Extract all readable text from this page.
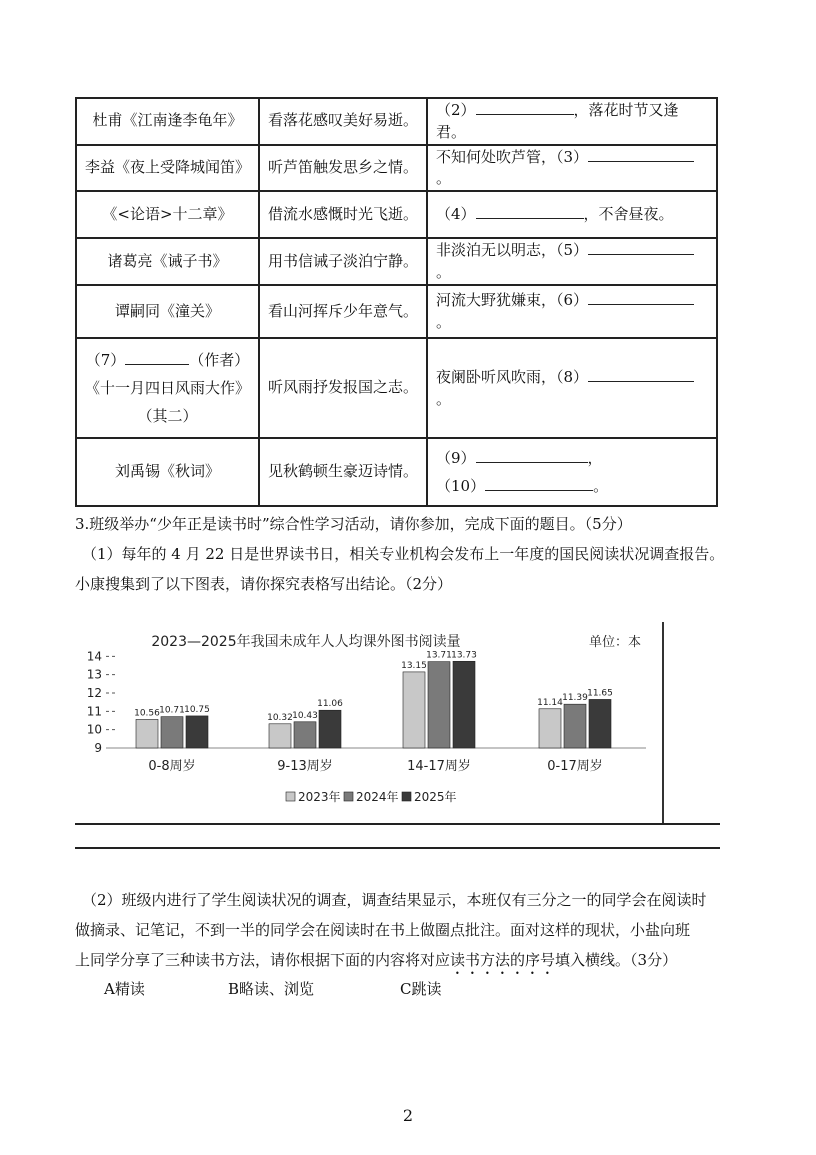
杜甫《江南逢李龟年》	看落花感叹美好易逝。	（2） ，落花时节又逢君。
李益《夜上受降城闻笛》	听芦笛触发思乡之情。	不知何处吹芦管，（3）。
《<论语>十二章》	借流水感慨时光飞逝。	（4） ，不舍昼夜。
诸葛亮《诫子书》	用书信诫子淡泊宁静。	非淡泊无以明志，（5）。
谭嗣同《潼关》	看山河挥斥少年意气。	河流大野犹嫌束，（6）。

（7） （作者）
《十一月四日风雨大作》
（其二）	听风雨抒发报国之志。	夜阑卧听风吹雨，（8）。
刘禹锡《秋词》	见秋鹤顿生豪迈诗情。	（9） ，
（10） 。
3.班级举办“少年正是读书时”综合性学习活动，请你参加，完成下面的题目。（5分）
（1）每年的 4 月 22 日是世界读书日，相关专业机构会发布上一年度的国民阅读状况调查报告。
小康搜集到了以下图表，请你探究表格写出结论。（2分）
2023—2025年我国未成年人人均课外图书阅读量	单位：本
9
10
11
12
13
14
10.56 10.71 10.75
0-8周岁
10.32 10.43
11.06
9-13周岁
13.15
13.71 13.73
14-17周岁
11.14 11.39 11.65
0-17周岁
2023年 2024年 2025年
（2）班级内进行了学生阅读状况的调查，调查结果显示，本班仅有三分之一的同学会在阅读时
做摘录、记笔记，不到一半的同学会在阅读时在书上做圈点批注。面对这样的现状，小盐向班
上同学分享了三种读书方法，请你根据下面的内容将对应读书方法的序号填入横线。（3分）
A精读	B略读、浏览	C跳读
2
